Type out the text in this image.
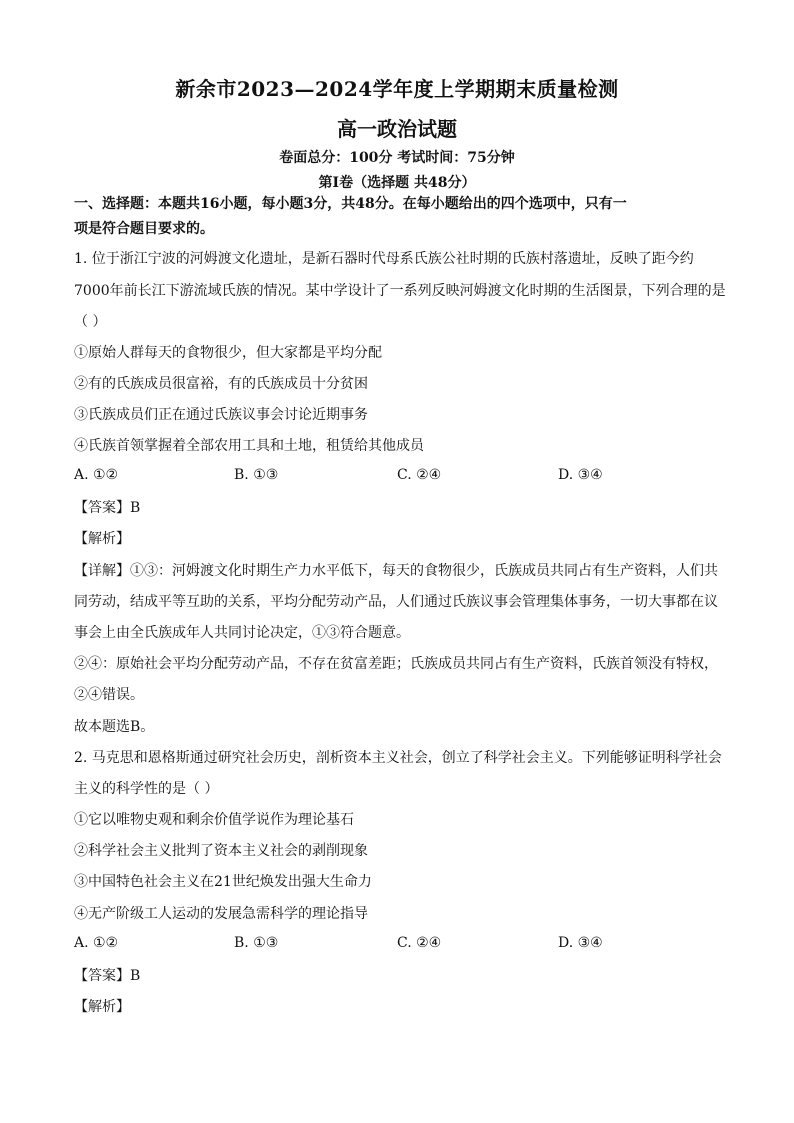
新余市2023—2024学年度上学期期末质量检测
高一政治试题
卷面总分：100分 考试时间：75分钟
第I卷（选择题 共48分）
一、选择题：本题共16小题，每小题3分，共48分。在每小题给出的四个选项中，只有一
项是符合题目要求的。
1. 位于浙江宁波的河姆渡文化遗址，是新石器时代母系氏族公社时期的氏族村落遗址，反映了距今约
7000年前长江下游流域氏族的情况。某中学设计了一系列反映河姆渡文化时期的生活图景，下列合理的是
（ ）
①原始人群每天的食物很少，但大家都是平均分配
②有的氏族成员很富裕，有的氏族成员十分贫困
③氏族成员们正在通过氏族议事会讨论近期事务
④氏族首领掌握着全部农用工具和土地，租赁给其他成员
A. ①②	B. ①③	C. ②④	D. ③④
【答案】B
【解析】
【详解】①③：河姆渡文化时期生产力水平低下，每天的食物很少，氏族成员共同占有生产资料，人们共
同劳动，结成平等互助的关系，平均分配劳动产品，人们通过氏族议事会管理集体事务，一切大事都在议
事会上由全氏族成年人共同讨论决定，①③符合题意。
②④：原始社会平均分配劳动产品，不存在贫富差距；氏族成员共同占有生产资料，氏族首领没有特权，
②④错误。
故本题选B。
2. 马克思和恩格斯通过研究社会历史，剖析资本主义社会，创立了科学社会主义。下列能够证明科学社会
主义的科学性的是（ ）
①它以唯物史观和剩余价值学说作为理论基石
②科学社会主义批判了资本主义社会的剥削现象
③中国特色社会主义在21世纪焕发出强大生命力
④无产阶级工人运动的发展急需科学的理论指导
A. ①②	B. ①③	C. ②④	D. ③④
【答案】B
【解析】
